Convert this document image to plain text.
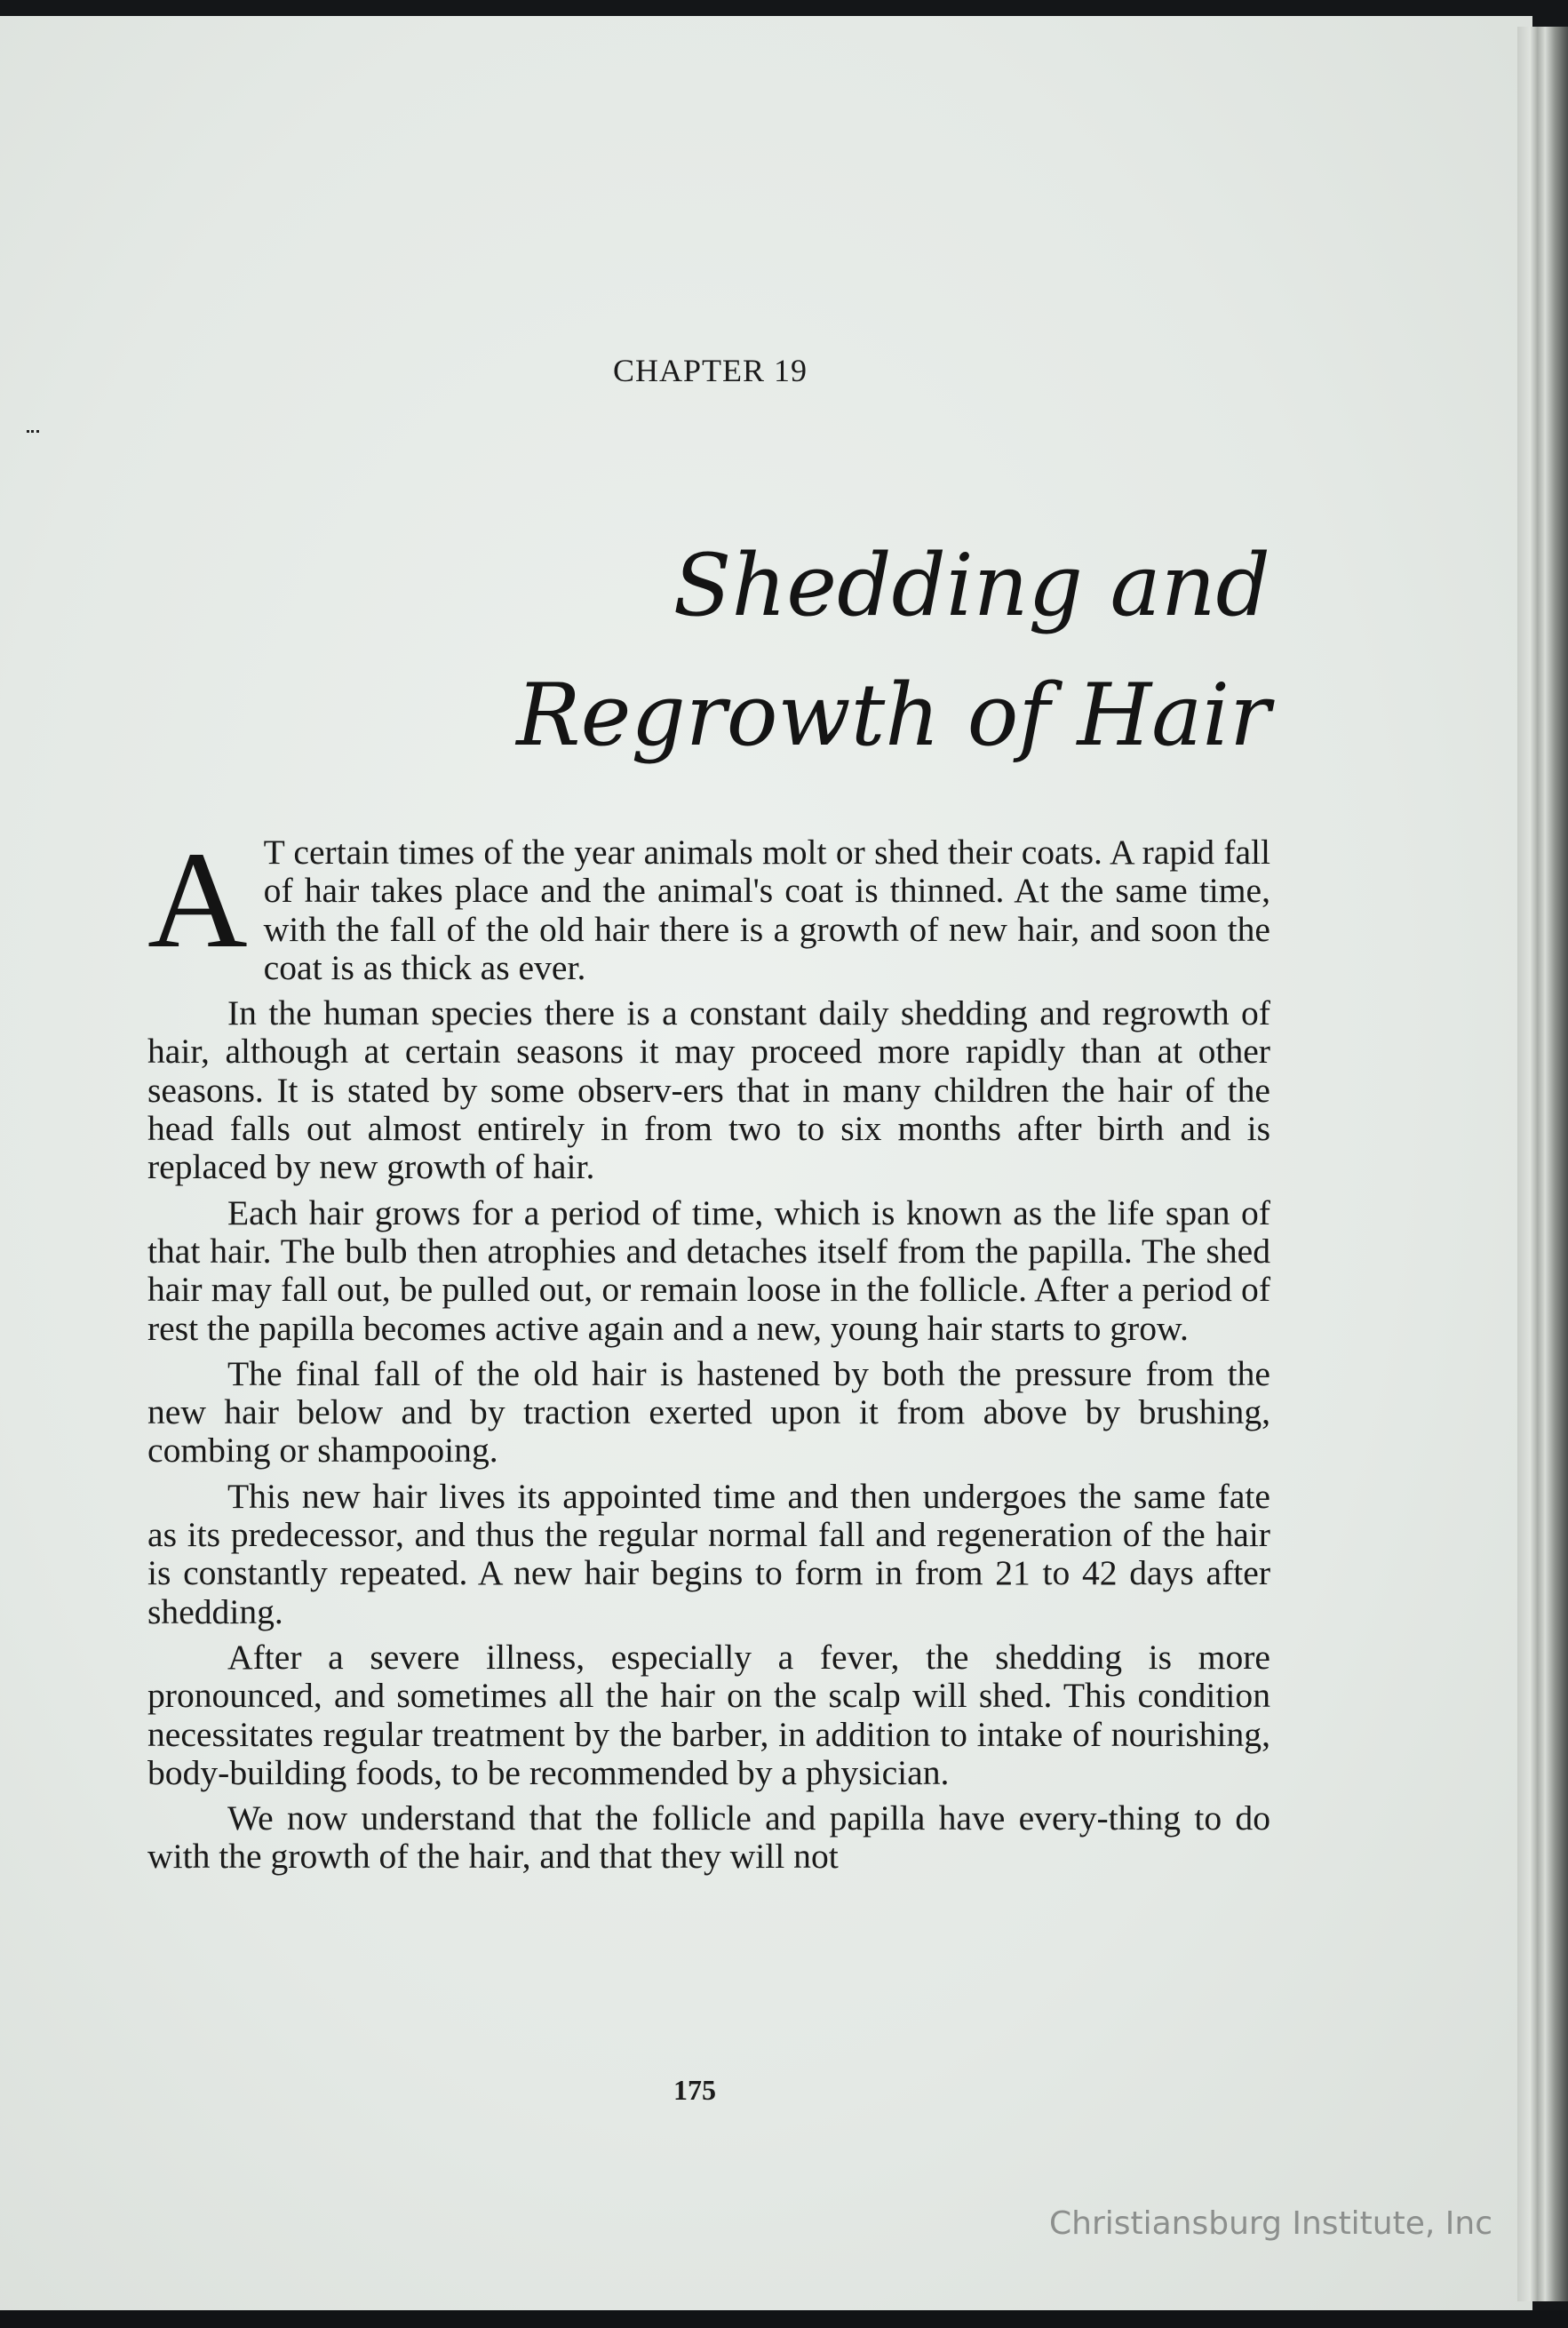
CHAPTER 19
Shedding and
Regrowth of Hair

A T certain times of the year animals molt or shed their coats. A rapid fall of hair takes place and the animal's coat is thinned. At the same time, with the fall of the old hair there is a growth of new hair, and soon the coat is as thick as ever.

In the human species there is a constant daily shedding and regrowth of hair, although at certain seasons it may proceed more rapidly than at other seasons. It is stated by some observ-ers that in many children the hair of the head falls out almost entirely in from two to six months after birth and is replaced by new growth of hair.

Each hair grows for a period of time, which is known as the life span of that hair. The bulb then atrophies and detaches itself from the papilla. The shed hair may fall out, be pulled out, or remain loose in the follicle. After a period of rest the papilla becomes active again and a new, young hair starts to grow.

The final fall of the old hair is hastened by both the pressure from the new hair below and by traction exerted upon it from above by brushing, combing or shampooing.

This new hair lives its appointed time and then undergoes the same fate as its predecessor, and thus the regular normal fall and regeneration of the hair is constantly repeated. A new hair begins to form in from 21 to 42 days after shedding.

After a severe illness, especially a fever, the shedding is more pronounced, and sometimes all the hair on the scalp will shed. This condition necessitates regular treatment by the barber, in addition to intake of nourishing, body-building foods, to be recommended by a physician.

We now understand that the follicle and papilla have every-thing to do with the growth of the hair, and that they will not

175
Christiansburg Institute, Inc
